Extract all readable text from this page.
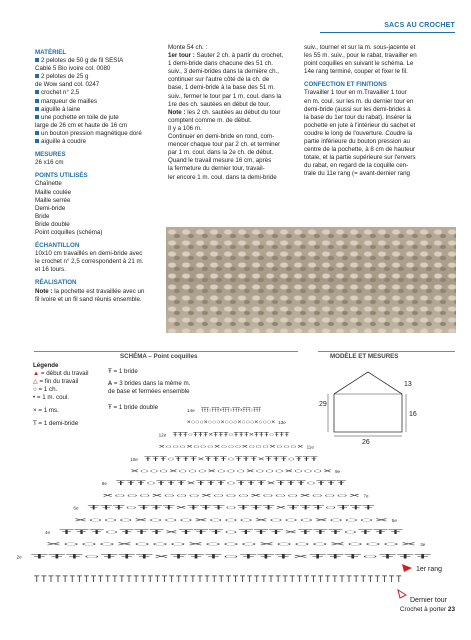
SACS AU CROCHET

MATÉRIEL

2 pelotes de 50 g de fil SESIA

Cablé 5 Bio ivoire col. 0080

2 pelotes de 25 g

de Wow sand col. 0247

crochet n° 2,5

marqueur de mailles

aiguille à laine

une pochette en toile de jute

large de 26 cm et haute de 16 cm

un bouton pression magnétique doré

aiguille à coudre

MESURES

26 x16 cm

POINTS UTILISÉS

Chaînette

Maille coulée

Maille serrée

Demi-bride

Bride

Bride double

Point coquilles (schéma)

ÉCHANTILLON

10x10 cm travaillés en demi-bride avec

le crochet n° 2,5 correspondent à 21 m.

et 16 tours.

RÉALISATION

Note : la pochette est travaillée avec un

fil ivoire et un fil sand réunis ensemble.

Monte 54 ch. :

1er tour : Sauter 2 ch. à partir du crochet,

1 demi-bride dans chacune des 51 ch.

suiv., 3 demi-brides dans la dernière ch.,

continuer sur l'autre côté de la ch. de

base, 1 demi-bride à la base des 51 m.

suiv., fermer le tour par 1 m. coul. dans la

1re des ch. sautées en début de tour.

Note : les 2 ch. sautées au début du tour

comptent comme m. de début.

Il y a 106 m.

Continuer en demi-bride en rond, com-

mencer chaque tour par 2 ch. et terminer

par 1 m. coul. dans la 2e ch. de début.

Quand le travail mesure 16 cm, après

la fermeture du dernier tour, travail-

ler encore 1 m. coul. dans la demi-bride

suiv., tourner et sur la m. sous-jacente et

les 55 m. suiv., pour le rabat, travailler en

point coquilles en suivant le schéma. Le

14e rang terminé, couper et fixer le fil.

CONFECTION ET FINITIONS

Travailler 1 tour en m.Travailler 1 tour

en m. coul. sur les m. du dernier tour en

demi-bride (aussi sur les demi-brides à

la base du 1er tour du rabat). Insérer la

pochette en jute à l'intérieur du sachet et

coudre le long de l'ouverture. Coudre la

partie inférieure du bouton pression au

centre de la pochette, à 8 cm de hauteur

totale, et la partie supérieure sur l'envers

du rabat, en regard de la coquille cen-

trale du 11e rang (= avant-dernier rang

SCHÉMA – Point coquilles	MODÈLE ET MESURES
Légende
▲ = début du travail
△ = fin du travail
○ = 1 ch.
• = 1 m. coul.
× = 1 ms.
T = 1 demi-bride
Ŧ = 1 bride
Ѧ = 3 brides dans la même m.
de base et fermées ensemble
Ŧ = 1 bride double	ŦŦŦ○ŦŦŦ×ŦŦŦ○ŦŦŦ×ŦŦŦ○ŦŦŦ
14e
×○○○×○○○×○○○×○○○×○○○× 13e
ŦŦŦ○ŦŦŦ×ŦŦŦ○ŦŦŦ×ŦŦŦ○ŦŦŦ
12e
×○○○×○○○×○○○×○○○×○○○× 11e
ŦŦŦ○ŦŦŦ×ŦŦŦ○ŦŦŦ×ŦŦŦ○ŦŦŦ
10e
×○○○×○○○×○○○×○○○×○○○× 9e
ŦŦŦ○ŦŦŦ×ŦŦŦ○ŦŦŦ×ŦŦŦ○ŦŦŦ
8e
×○○○×○○○×○○○×○○○×○○○× 7e
ŦŦŦ○ŦŦŦ×ŦŦŦ○ŦŦŦ×ŦŦŦ○ŦŦŦ
6e
×○○○×○○○×○○○×○○○×○○○× 5e
ŦŦŦ○ŦŦŦ×ŦŦŦ○ŦŦŦ×ŦŦŦ○ŦŦŦ
4e
×○○○×○○○×○○○×○○○×○○○× 3e
ŦŦŦ○ŦŦŦ×ŦŦŦ○ŦŦŦ×ŦŦŦ○ŦŦŦ
2e
TTTTTTTTTTTTTTTTTTTTTTTTTTTTTTTTTTTTTTTTTTTTTTTTTTTT
1er rang
Dernier tour
26
16
13
29
Crochet à porter 23
